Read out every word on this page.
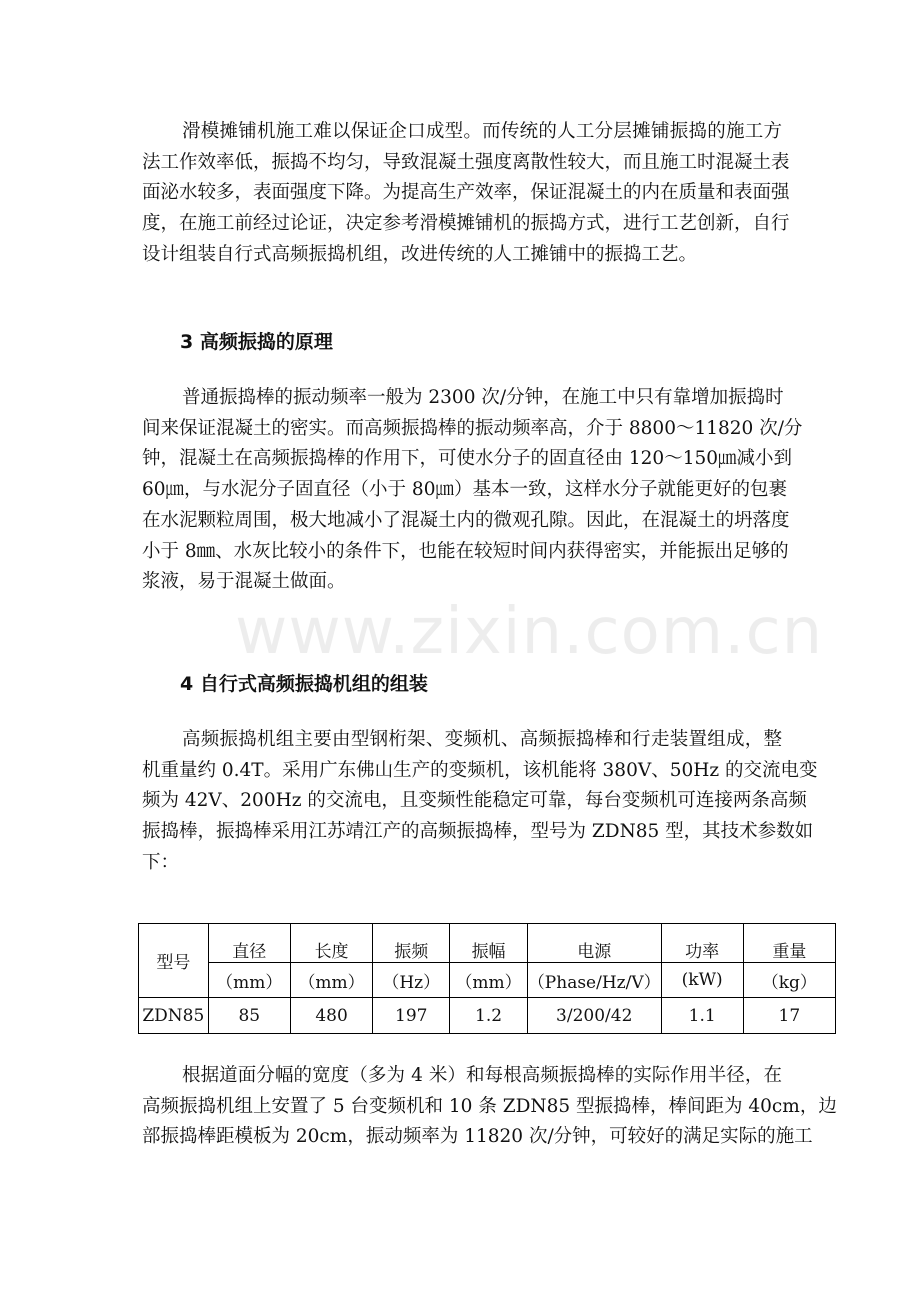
www.zixin.com.cn
滑模摊铺机施工难以保证企口成型。而传统的人工分层摊铺振捣的施工方
法工作效率低，振捣不均匀，导致混凝土强度离散性较大，而且施工时混凝土表
面泌水较多，表面强度下降。为提高生产效率，保证混凝土的内在质量和表面强
度，在施工前经过论证，决定参考滑模摊铺机的振捣方式，进行工艺创新，自行
设计组装自行式高频振捣机组，改进传统的人工摊铺中的振捣工艺。
3 高频振捣的原理
普通振捣棒的振动频率一般为 2300 次/分钟，在施工中只有靠增加振捣时
间来保证混凝土的密实。而高频振捣棒的振动频率高，介于 8800～11820 次/分
钟，混凝土在高频振捣棒的作用下，可使水分子的固直径由 120～150㎛减小到
60㎛，与水泥分子固直径（小于 80㎛）基本一致，这样水分子就能更好的包裹
在水泥颗粒周围，极大地减小了混凝土内的微观孔隙。因此，在混凝土的坍落度
小于 8㎜、水灰比较小的条件下，也能在较短时间内获得密实，并能振出足够的
浆液，易于混凝土做面。
4 自行式高频振捣机组的组装
高频振捣机组主要由型钢桁架、变频机、高频振捣棒和行走装置组成，整
机重量约 0.4T。采用广东佛山生产的变频机，该机能将 380V、50Hz 的交流电变
频为 42V、200Hz 的交流电，且变频性能稳定可靠，每台变频机可连接两条高频
振捣棒，振捣棒采用江苏靖江产的高频振捣棒，型号为 ZDN85 型，其技术参数如
下：
型号	直径	长度	振频	振幅	电源	功率	重量
	（mm）	（mm）	（Hz）	（mm）	（Phase/Hz/V）	(kW)	（kg）
ZDN85	85	480	197	1.2	3/200/42	1.1	17
根据道面分幅的宽度（多为 4 米）和每根高频振捣棒的实际作用半径，在
高频振捣机组上安置了 5 台变频机和 10 条 ZDN85 型振捣棒，棒间距为 40cm，边
部振捣棒距模板为 20cm，振动频率为 11820 次/分钟，可较好的满足实际的施工
